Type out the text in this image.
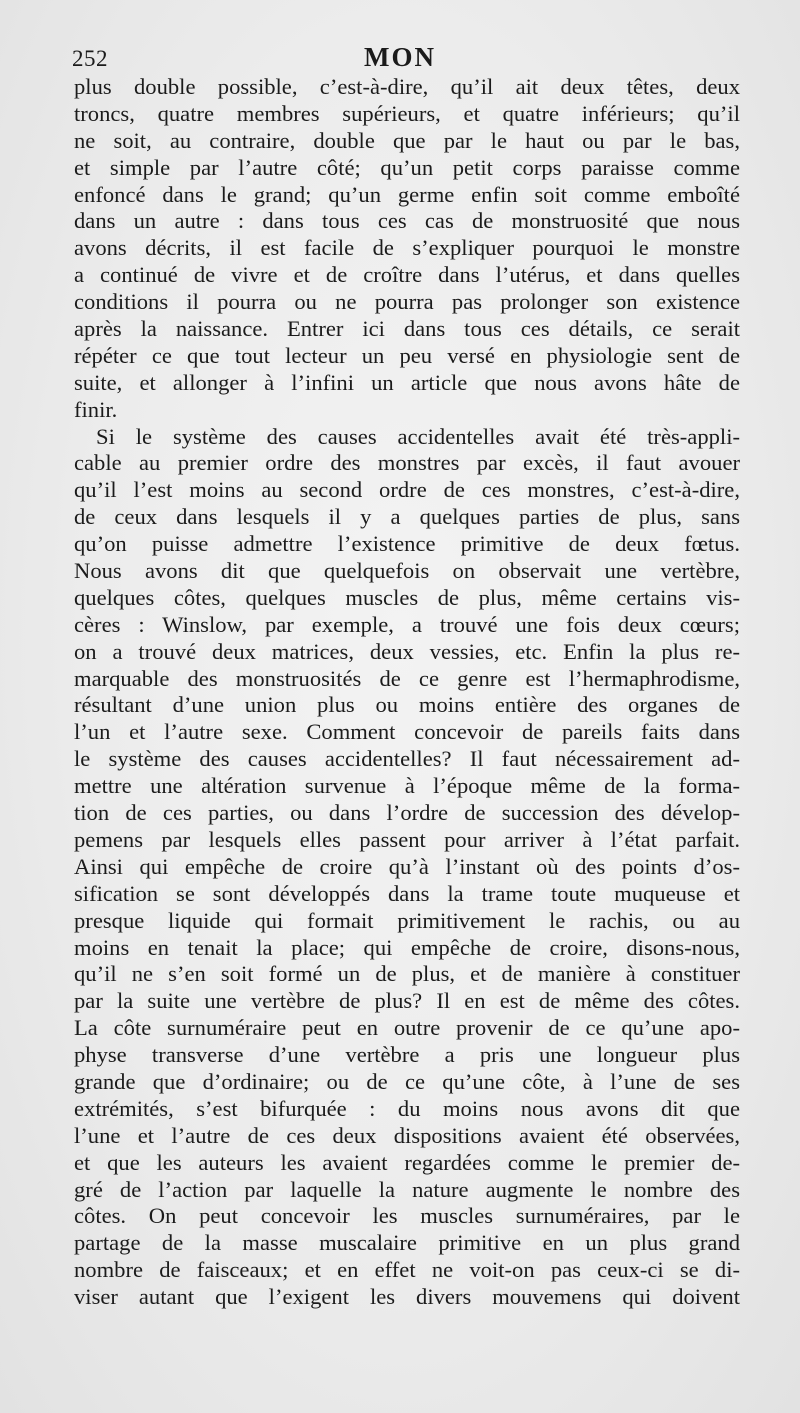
252	MON
plus double possible, c’est-à-dire, qu’il ait deux têtes, deux
troncs, quatre membres supérieurs, et quatre inférieurs; qu’il
ne soit, au contraire, double que par le haut ou par le bas,
et simple par l’autre côté; qu’un petit corps paraisse comme
enfoncé dans le grand; qu’un germe enfin soit comme emboîté
dans un autre : dans tous ces cas de monstruosité que nous
avons décrits, il est facile de s’expliquer pourquoi le monstre
a continué de vivre et de croître dans l’utérus, et dans quelles
conditions il pourra ou ne pourra pas prolonger son existence
après la naissance. Entrer ici dans tous ces détails, ce serait
répéter ce que tout lecteur un peu versé en physiologie sent de
suite, et allonger à l’infini un article que nous avons hâte de
finir.
Si le système des causes accidentelles avait été très-appli-
cable au premier ordre des monstres par excès, il faut avouer
qu’il l’est moins au second ordre de ces monstres, c’est-à-dire,
de ceux dans lesquels il y a quelques parties de plus, sans
qu’on puisse admettre l’existence primitive de deux fœtus.
Nous avons dit que quelquefois on observait une vertèbre,
quelques côtes, quelques muscles de plus, même certains vis-
cères : Winslow, par exemple, a trouvé une fois deux cœurs;
on a trouvé deux matrices, deux vessies, etc. Enfin la plus re-
marquable des monstruosités de ce genre est l’hermaphrodisme,
résultant d’une union plus ou moins entière des organes de
l’un et l’autre sexe. Comment concevoir de pareils faits dans
le système des causes accidentelles? Il faut nécessairement ad-
mettre une altération survenue à l’époque même de la forma-
tion de ces parties, ou dans l’ordre de succession des dévelop-
pemens par lesquels elles passent pour arriver à l’état parfait.
Ainsi qui empêche de croire qu’à l’instant où des points d’os-
sification se sont développés dans la trame toute muqueuse et
presque liquide qui formait primitivement le rachis, ou au
moins en tenait la place; qui empêche de croire, disons-nous,
qu’il ne s’en soit formé un de plus, et de manière à constituer
par la suite une vertèbre de plus? Il en est de même des côtes.
La côte surnuméraire peut en outre provenir de ce qu’une apo-
physe transverse d’une vertèbre a pris une longueur plus
grande que d’ordinaire; ou de ce qu’une côte, à l’une de ses
extrémités, s’est bifurquée : du moins nous avons dit que
l’une et l’autre de ces deux dispositions avaient été observées,
et que les auteurs les avaient regardées comme le premier de-
gré de l’action par laquelle la nature augmente le nombre des
côtes. On peut concevoir les muscles surnuméraires, par le
partage de la masse muscalaire primitive en un plus grand
nombre de faisceaux; et en effet ne voit-on pas ceux-ci se di-
viser autant que l’exigent les divers mouvemens qui doivent
